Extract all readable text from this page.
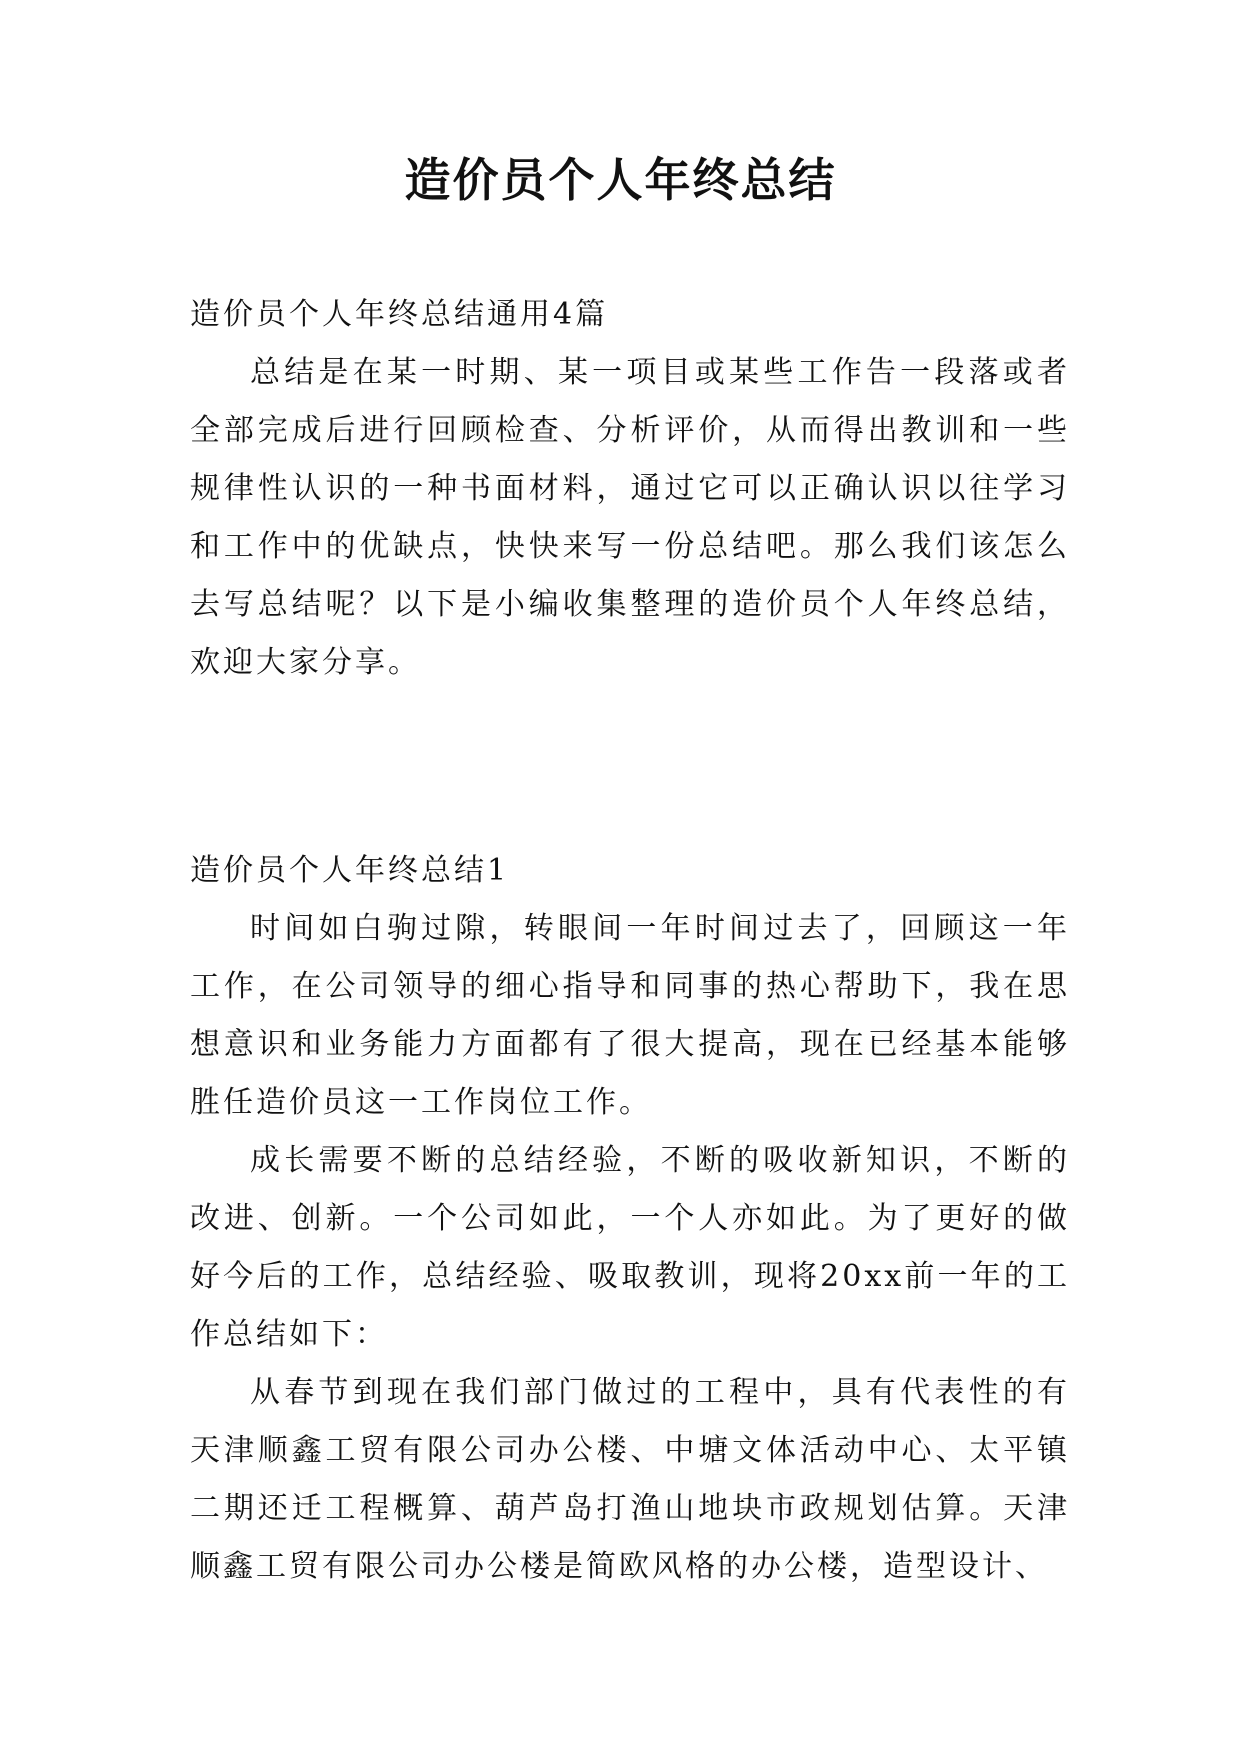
造价员个人年终总结

造价员个人年终总结通用4篇

总结是在某一时期、某一项目或某些工作告一段落或者全部完成后进行回顾检查、分析评价，从而得出教训和一些规律性认识的一种书面材料，通过它可以正确认识以往学习和工作中的优缺点，快快来写一份总结吧。那么我们该怎么去写总结呢？以下是小编收集整理的造价员个人年终总结，欢迎大家分享。

造价员个人年终总结1

时间如白驹过隙，转眼间一年时间过去了，回顾这一年工作，在公司领导的细心指导和同事的热心帮助下，我在思想意识和业务能力方面都有了很大提高，现在已经基本能够胜任造价员这一工作岗位工作。

成长需要不断的总结经验，不断的吸收新知识，不断的改进、创新。一个公司如此，一个人亦如此。为了更好的做好今后的工作，总结经验、吸取教训，现将20xx前一年的工作总结如下：

从春节到现在我们部门做过的工程中，具有代表性的有天津顺鑫工贸有限公司办公楼、中塘文体活动中心、太平镇二期还迁工程概算、葫芦岛打渔山地块市政规划估算。天津顺鑫工贸有限公司办公楼是简欧风格的办公楼，造型设计、
